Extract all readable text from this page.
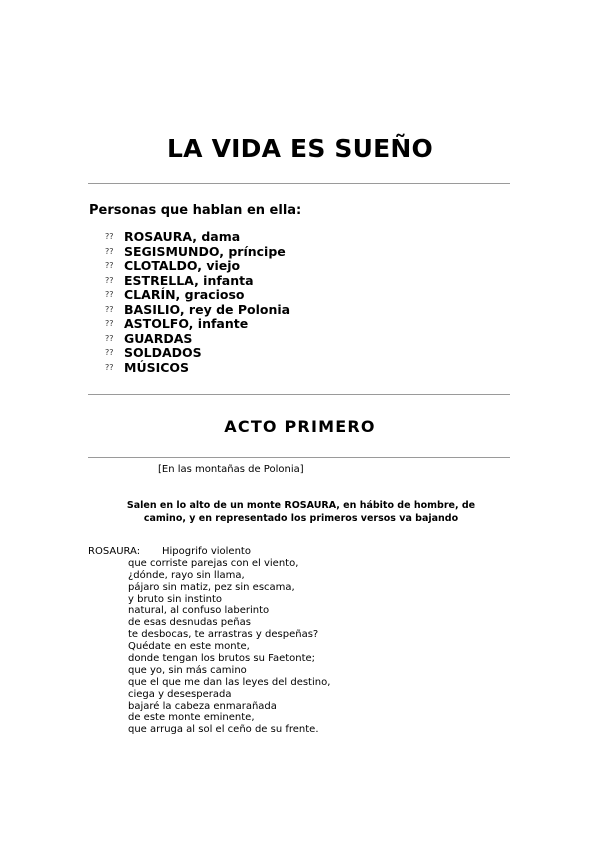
LA VIDA ES SUEÑO
Personas que hablan en ella:
?? ROSAURA, dama
?? SEGISMUNDO, príncipe
?? CLOTALDO, viejo
?? ESTRELLA, infanta
?? CLARÍN, gracioso
?? BASILIO, rey de Polonia
?? ASTOLFO, infante
?? GUARDAS
?? SOLDADOS
?? MÚSICOS
ACTO PRIMERO
[En las montañas de Polonia]
Salen en lo alto de un monte ROSAURA, en hábito de hombre, de
camino, y en representado los primeros versos va bajando
ROSAURA:	Hipogrifo violento
que corriste parejas con el viento,
¿dónde, rayo sin llama,
pájaro sin matiz, pez sin escama,
y bruto sin instinto
natural, al confuso laberinto
de esas desnudas peñas
te desbocas, te arrastras y despeñas?
Quédate en este monte,
donde tengan los brutos su Faetonte;
que yo, sin más camino
que el que me dan las leyes del destino,
ciega y desesperada
bajaré la cabeza enmarañada
de este monte eminente,
que arruga al sol el ceño de su frente.
